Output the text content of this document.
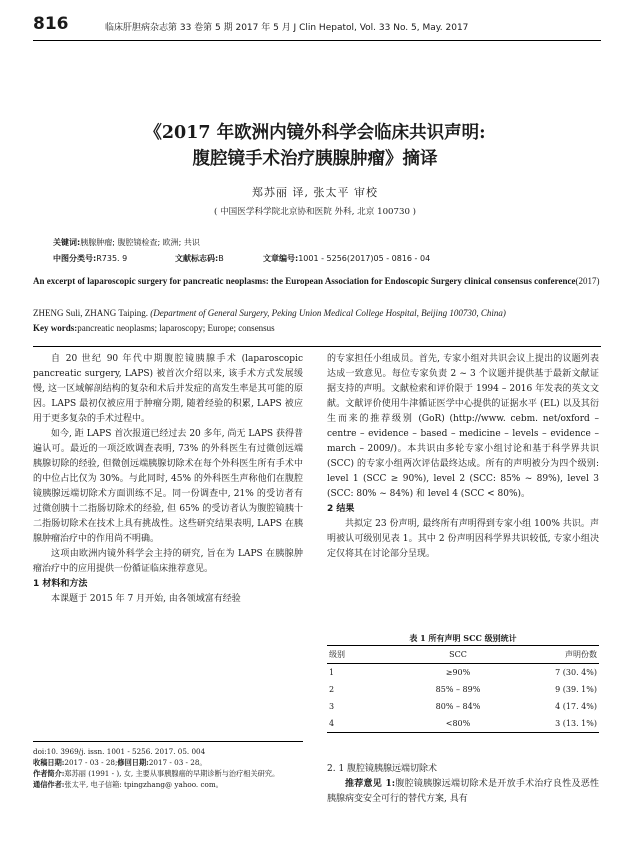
816	临床肝胆病杂志第 33 卷第 5 期 2017 年 5 月 J Clin Hepatol, Vol. 33 No. 5, May. 2017
《2017 年欧洲内镜外科学会临床共识声明:
腹腔镜手术治疗胰腺肿瘤》摘译
郑苏丽 译, 张太平 审校
( 中国医学科学院北京协和医院 外科, 北京 100730 )
关键词:胰腺肿瘤; 腹腔镜检查; 欧洲; 共识
中图分类号:R735. 9	文献标志码:B	文章编号:1001 - 5256(2017)05 - 0816 - 04
An excerpt of laparoscopic surgery for pancreatic neoplasms: the European Association for Endoscopic Surgery clinical consensus conference(2017)
ZHENG Suli, ZHANG Taiping. (Department of General Surgery, Peking Union Medical College Hospital, Beijing 100730, China)
Key words:pancreatic neoplasms; laparoscopy; Europe; consensus

自 20 世纪 90 年代中期腹腔镜胰腺手术 (laparoscopic pancreatic surgery, LAPS) 被首次介绍以来, 该手术方式发展缓慢, 这一区域解剖结构的复杂和术后并发症的高发生率是其可能的原因。LAPS 最初仅被应用于肿瘤分期, 随着经验的积累, LAPS 被应用于更多复杂的手术过程中。

如今, 距 LAPS 首次报道已经过去 20 多年, 尚无 LAPS 获得普遍认可。最近的一项泛欧调查表明, 73% 的外科医生有过微创远端胰腺切除的经验, 但微创远端胰腺切除术在每个外科医生所有手术中的中位占比仅为 30%。与此同时, 45% 的外科医生声称他们在腹腔镜胰腺远端切除术方面训练不足。同一份调查中, 21% 的受访者有过微创胰十二指肠切除术的经验, 但 65% 的受访者认为腹腔镜胰十二指肠切除术在技术上具有挑战性。这些研究结果表明, LAPS 在胰腺肿瘤治疗中的作用尚不明确。

这项由欧洲内镜外科学会主持的研究, 旨在为 LAPS 在胰腺肿瘤治疗中的应用提供一份循证临床推荐意见。

1 材料和方法

本课题于 2015 年 7 月开始, 由各领域富有经验

doi:10. 3969/j. issn. 1001 - 5256. 2017. 05. 004

收稿日期:2017 - 03 - 28;修回日期:2017 - 03 - 28。

作者简介:郑苏丽 (1991 - ), 女, 主要从事胰腺癌的早期诊断与治疗相关研究。

通信作者:张太平, 电子信箱: tpingzhang@ yahoo. com。

的专家担任小组成员。首先, 专家小组对共识会议上提出的议题列表达成一致意见。每位专家负责 2 ~ 3 个议题并提供基于最新文献证据支持的声明。文献检索和评价限于 1994 – 2016 年发表的英文文献。文献评价使用牛津循证医学中心提供的证据水平 (EL) 以及其衍生而来的推荐级别 (GoR) (http://www. cebm. net/oxford – centre – evidence – based – medicine – levels – evidence – march – 2009/)。本共识由多轮专家小组讨论和基于科学界共识 (SCC) 的专家小组两次评估最终达成。所有的声明被分为四个级别: level 1 (SCC ≥ 90%), level 2 (SCC: 85% ~ 89%), level 3 (SCC: 80% ~ 84%) 和 level 4 (SCC < 80%)。

2 结果

共拟定 23 份声明, 最终所有声明得到专家小组 100% 共识。声明被认可级别见表 1。其中 2 份声明因科学界共识较低, 专家小组决定仅将其在讨论部分呈现。

表 1 所有声明 SCC 级别统计
级别	SCC	声明份数
1	≥90%	7 (30. 4%)
2	85% – 89%	9 (39. 1%)
3	80% – 84%	4 (17. 4%)
4	<80%	3 (13. 1%)
2. 1 腹腔镜胰腺远端切除术

推荐意见 1:腹腔镜胰腺远端切除术是开放手术治疗良性及恶性胰腺病变安全可行的替代方案, 具有
